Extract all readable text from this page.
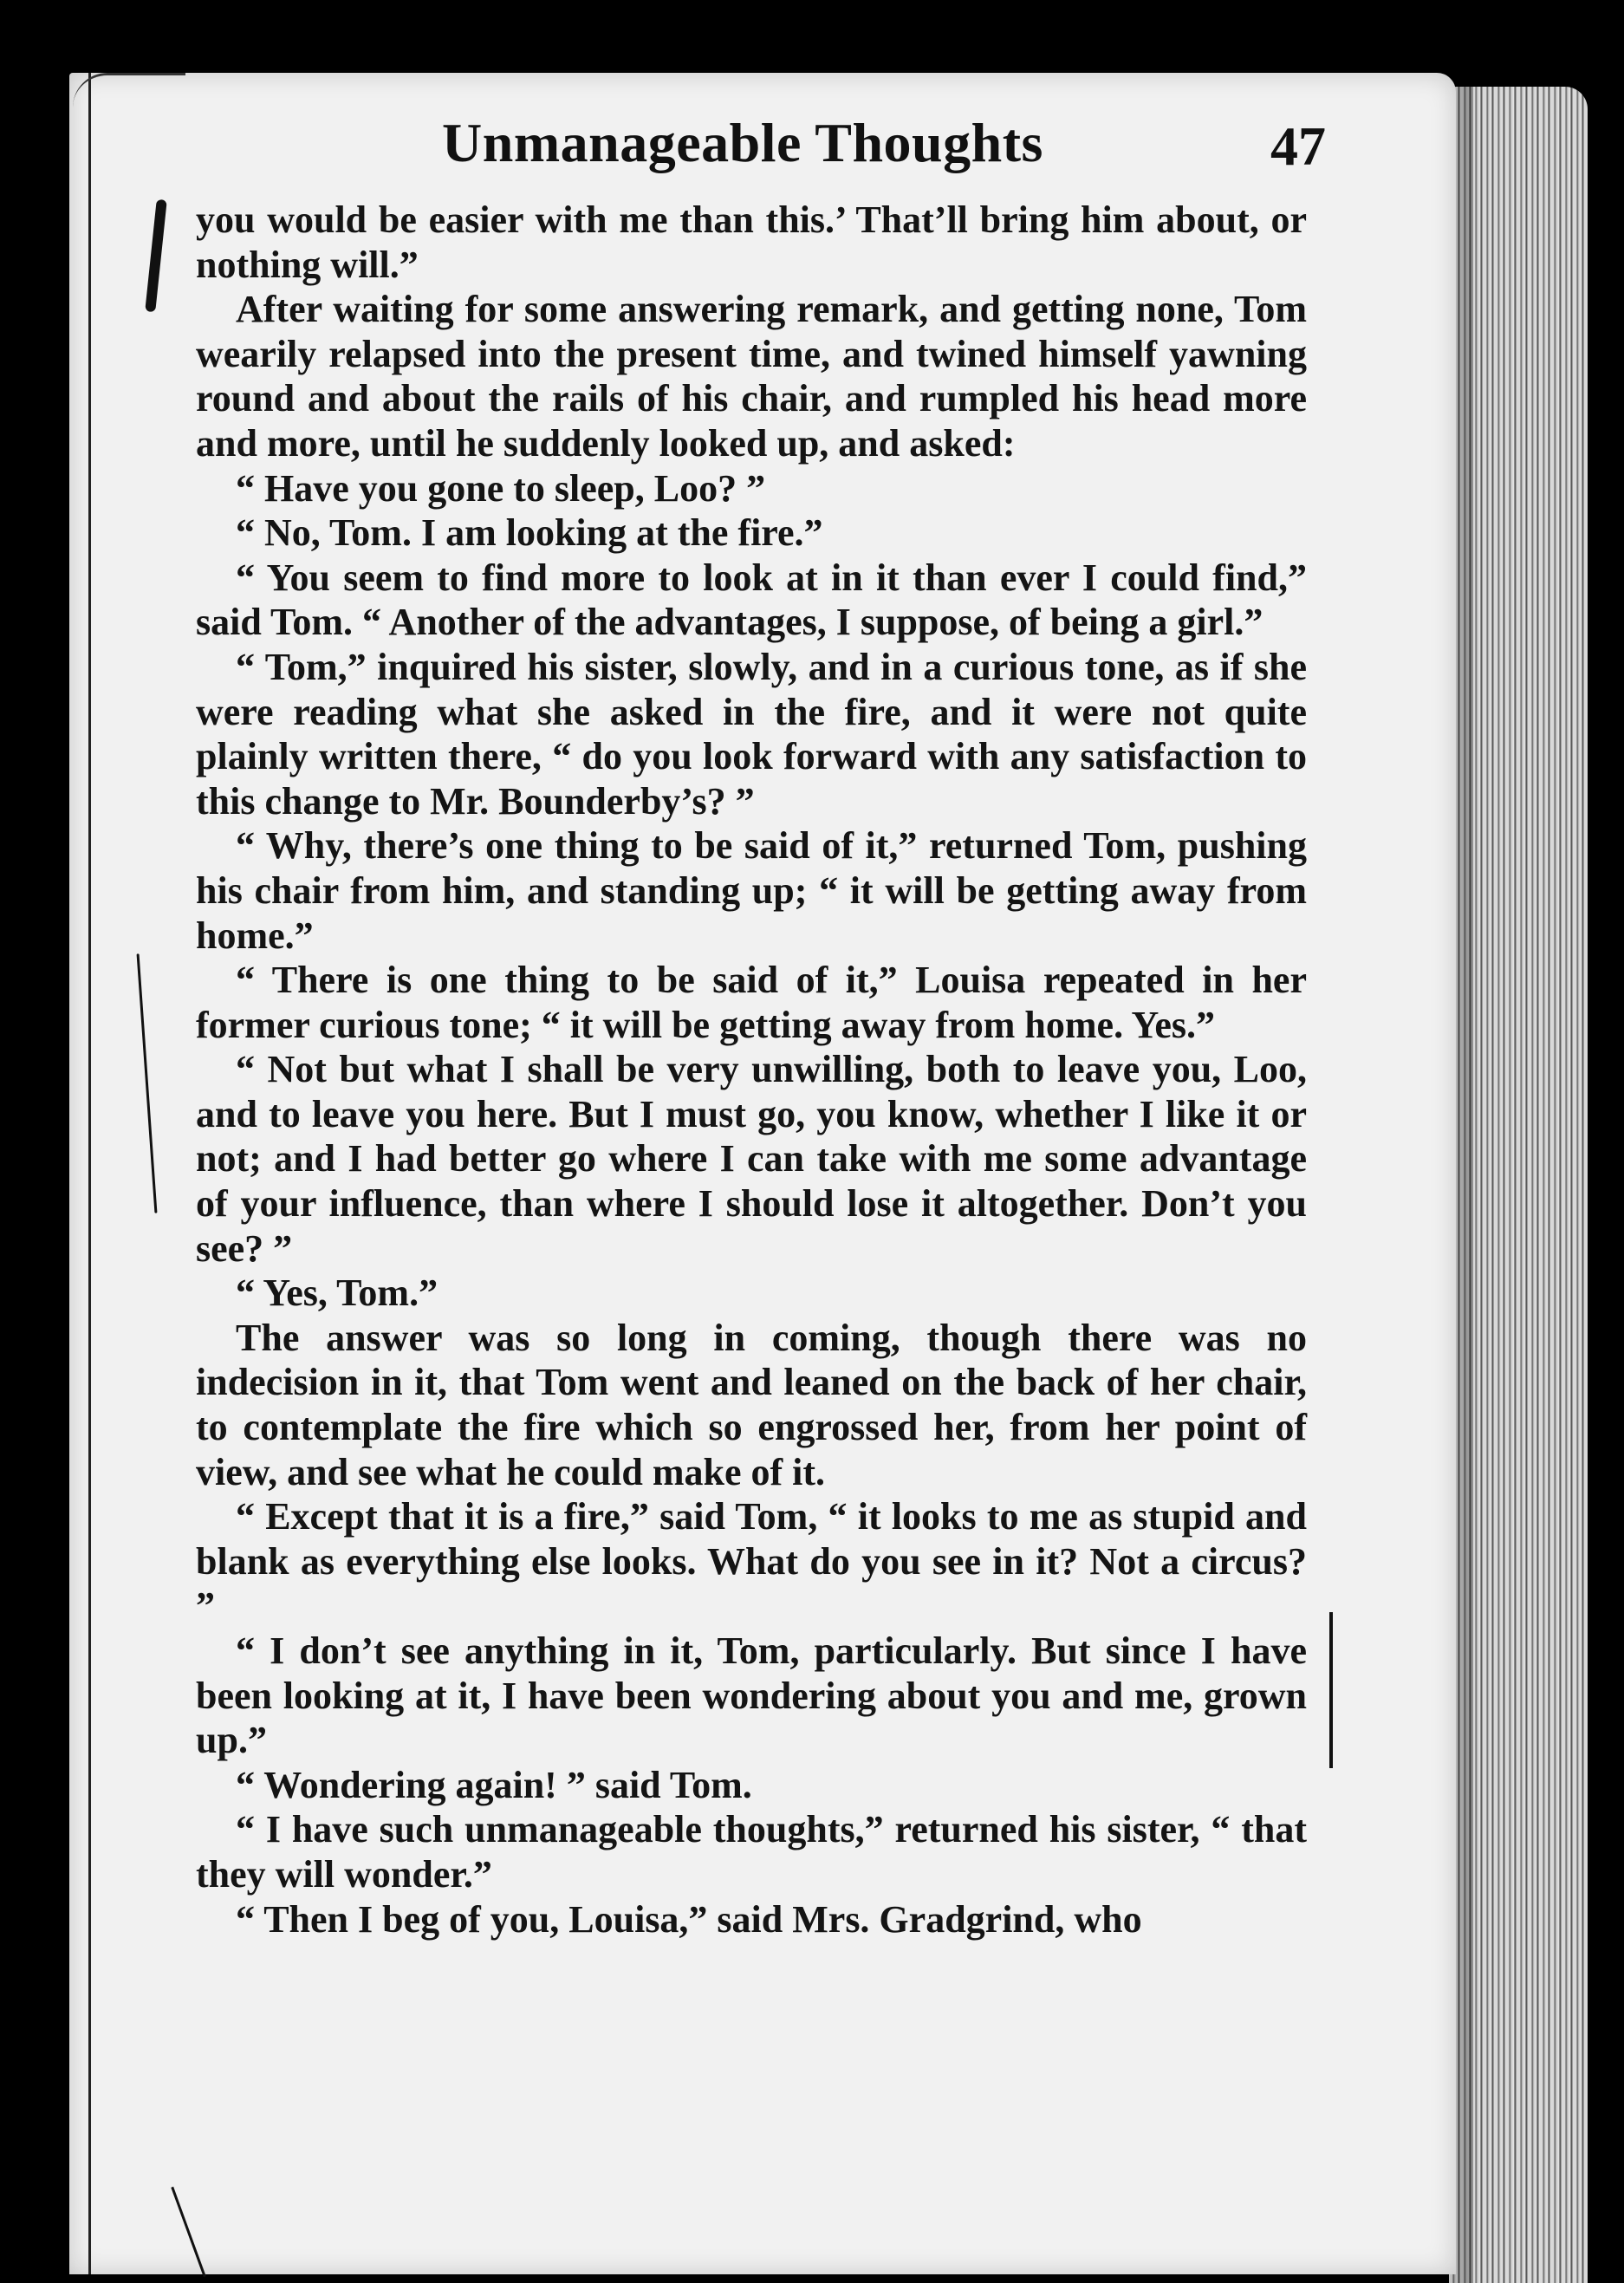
Unmanageable Thoughts	47

you would be easier with me than this.’ That’ll bring him about, or nothing will.”

After waiting for some answering remark, and getting none, Tom wearily relapsed into the present time, and twined himself yawning round and about the rails of his chair, and rumpled his head more and more, until he suddenly looked up, and asked:

“ Have you gone to sleep, Loo? ”

“ No, Tom. I am looking at the fire.”

“ You seem to find more to look at in it than ever I could find,” said Tom. “ Another of the advantages, I suppose, of being a girl.”

“ Tom,” inquired his sister, slowly, and in a curious tone, as if she were reading what she asked in the fire, and it were not quite plainly written there, “ do you look forward with any satisfaction to this change to Mr. Bounderby’s? ”

“ Why, there’s one thing to be said of it,” returned Tom, pushing his chair from him, and standing up; “ it will be getting away from home.”

“ There is one thing to be said of it,” Louisa repeated in her former curious tone; “ it will be getting away from home. Yes.”

“ Not but what I shall be very unwilling, both to leave you, Loo, and to leave you here. But I must go, you know, whether I like it or not; and I had better go where I can take with me some advantage of your influence, than where I should lose it altogether. Don’t you see? ”

“ Yes, Tom.”

The answer was so long in coming, though there was no indecision in it, that Tom went and leaned on the back of her chair, to contemplate the fire which so engrossed her, from her point of view, and see what he could make of it.

“ Except that it is a fire,” said Tom, “ it looks to me as stupid and blank as everything else looks. What do you see in it? Not a circus? ”

“ I don’t see anything in it, Tom, particularly. But since I have been looking at it, I have been wondering about you and me, grown up.”

“ Wondering again! ” said Tom.

“ I have such unmanageable thoughts,” returned his sister, “ that they will wonder.”

“ Then I beg of you, Louisa,” said Mrs. Gradgrind, who
